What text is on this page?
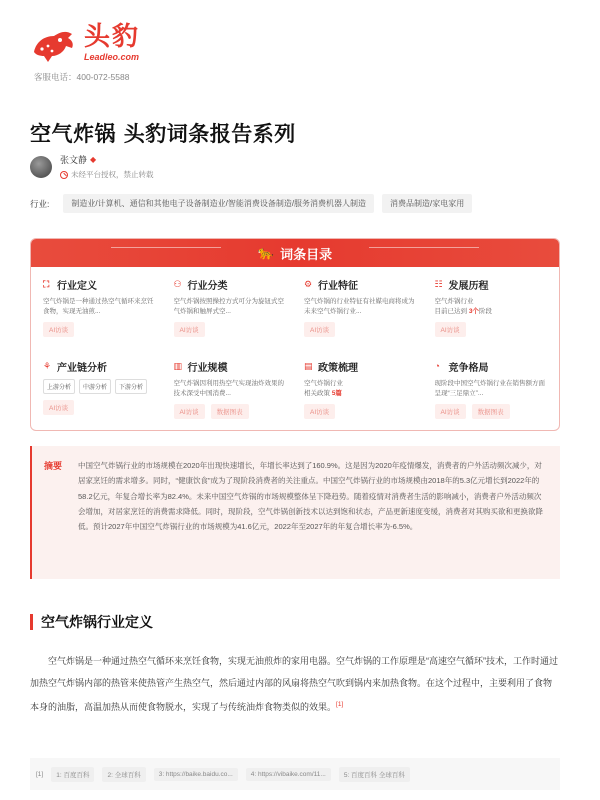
头豹
Leadleo.com
客服电话：400-072-5588
空气炸锅 头豹词条报告系列
张文静 ◆
未经平台授权，禁止转载
行业:	制造业/计算机、通信和其他电子设备制造业/智能消费设备制造/服务消费机器人制造	消费品制造/家电家用
🐆 词条目录
⛶ 行业定义
空气炸锅是一种通过热空气循环来烹饪食物，实现无油煎...
AI访谈
⚇ 行业分类
空气炸锅按照操控方式可分为旋钮式空气炸锅和触屏式空...
AI访谈
⚙ 行业特征
空气炸锅的行业特征有社媒电商将成为未来空气炸锅行业...
AI访谈
☷ 发展历程
空气炸锅行业
目前已达到 3个阶段
AI访谈
⚘ 产业链分析
上游分析	中游分析	下游分析
AI访谈
▥ 行业规模
空气炸锅因利用热空气实现油炸效果的技术深受中国消费...
AI访谈	数据图表
▤ 政策梳理
空气炸锅行业
相关政策 5篇
AI访谈
◔ 竞争格局
现阶段中国空气炸锅行业在销售额方面呈现“三足鼎立”...
AI访谈	数据图表
摘要 中国空气炸锅行业的市场规模在2020年出现快速增长，年增长率达到了160.9%。这是因为2020年疫情爆发，消费者的户外活动频次减少，对居家烹饪的需求增多。同时，“健康饮食”成为了现阶段消费者的关注重点。中国空气炸锅行业的市场规模由2018年的5.3亿元增长到2022年的58.2亿元，年复合增长率为82.4%。未来中国空气炸锅的市场规模整体呈下降趋势。随着疫情对消费者生活的影响减小，消费者户外活动频次会增加，对居家烹饪的消费需求降低。同时，现阶段，空气炸锅创新技术以达到饱和状态，产品更新速度变缓，消费者对其购买欲和更换欲降低。预计2027年中国空气炸锅行业的市场规模为41.6亿元，2022年至2027年的年复合增长率为-6.5%。

空气炸锅行业定义

空气炸锅是一种通过热空气循环来烹饪食物，实现无油煎炸的家用电器。空气炸锅的工作原理是“高速空气循环”技术，工作时通过加热空气炸锅内部的热管来使热管产生热空气，然后通过内部的风扇将热空气吹到锅内来加热食物。在这个过程中，主要利用了食物本身的油脂，高温加热从而使食物脱水，实现了与传统油炸食物类似的效果。[1]

[1]	1: 百度百科	2: 全球百科	3: https://baike.baidu.co...	4: https://vibaike.com/11...	5: 百度百科 全球百科
